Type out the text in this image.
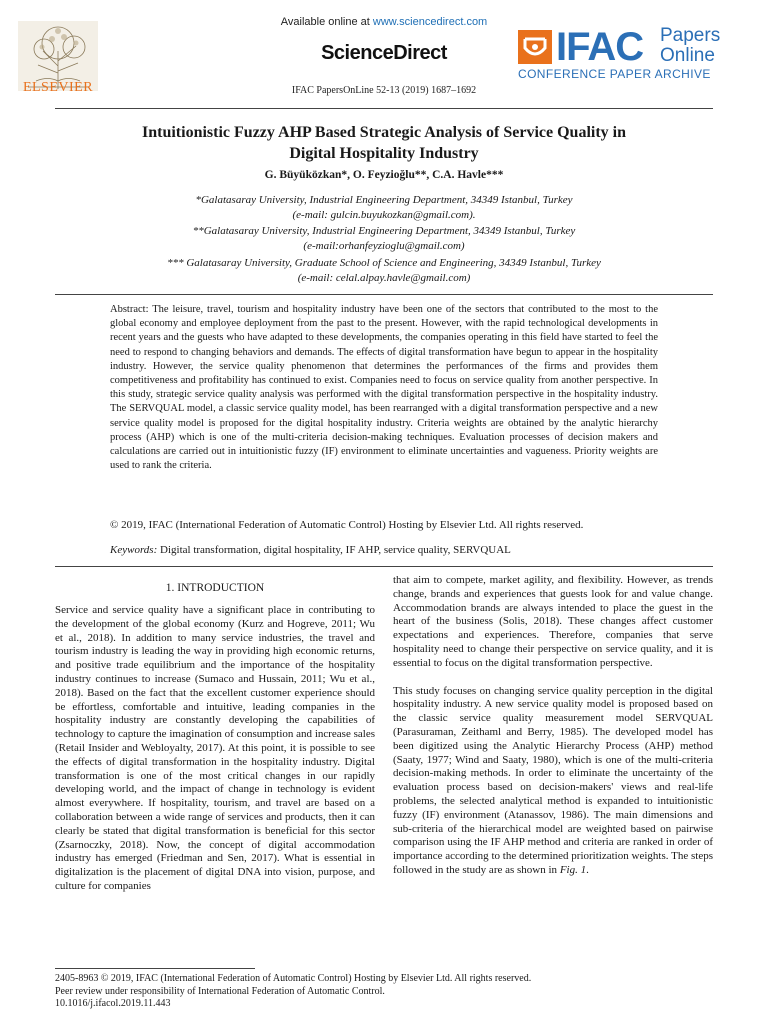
ELSEVIER
Available online at www.sciencedirect.com
ScienceDirect
IFAC PapersOnLine 52-13 (2019) 1687–1692
IFAC Papers
Online
CONFERENCE PAPER ARCHIVE
Intuitionistic Fuzzy AHP Based Strategic Analysis of Service Quality in
Digital Hospitality Industry
G. Büyüközkan*, O. Feyzioğlu**, C.A. Havle***
*Galatasaray University, Industrial Engineering Department, 34349 Istanbul, Turkey
(e-mail: gulcin.buyukozkan@gmail.com).
**Galatasaray University, Industrial Engineering Department, 34349 Istanbul, Turkey
(e-mail:orhanfeyzioglu@gmail.com)
*** Galatasaray University, Graduate School of Science and Engineering, 34349 Istanbul, Turkey
(e-mail: celal.alpay.havle@gmail.com)
Abstract: The leisure, travel, tourism and hospitality industry have been one of the sectors that contributed to the most to the global economy and employee deployment from the past to the present. However, with the rapid technological developments in recent years and the guests who have adapted to these developments, the companies operating in this field have started to feel the need to respond to changing behaviors and demands. The effects of digital transformation have begun to appear in the hospitality industry. However, the service quality phenomenon that determines the performances of the firms and provides them competitiveness and profitability has continued to exist. Companies need to focus on service quality from another perspective. In this study, strategic service quality analysis was performed with the digital transformation perspective in the hospitality industry. The SERVQUAL model, a classic service quality model, has been rearranged with a digital transformation perspective and a new service quality model is proposed for the digital hospitality industry. Criteria weights are obtained by the analytic hierarchy process (AHP) which is one of the multi-criteria decision-making techniques. Evaluation processes of decision makers and calculations are carried out in intuitionistic fuzzy (IF) environment to eliminate uncertainties and vagueness. Priority weights are used to rank the criteria.
© 2019, IFAC (International Federation of Automatic Control) Hosting by Elsevier Ltd. All rights reserved.
Keywords: Digital transformation, digital hospitality, IF AHP, service quality, SERVQUAL
1. INTRODUCTION

Service and service quality have a significant place in contributing to the development of the global economy (Kurz and Hogreve, 2011; Wu et al., 2018). In addition to many service industries, the travel and tourism industry is leading the way in providing high economic returns, and positive trade equilibrium and the importance of the hospitality industry continues to increase (Sumaco and Hussain, 2011; Wu et al., 2018). Based on the fact that the excellent customer experience should be effortless, comfortable and intuitive, leading companies in the hospitality industry are constantly developing the capabilities of technology to capture the imagination of consumption and increase sales (Retail Insider and Webloyalty, 2017). At this point, it is possible to see the effects of digital transformation in the hospitality industry. Digital transformation is one of the most critical changes in our rapidly developing world, and the impact of change in technology is evident almost everywhere. If hospitality, tourism, and travel are based on a collaboration between a wide range of services and products, then it can clearly be stated that digital transformation is beneficial for this sector (Zsarnoczky, 2018). Now, the concept of digital accommodation industry has emerged (Friedman and Sen, 2017). What is essential in digitalization is the placement of digital DNA into vision, purpose, and culture for companies

that aim to compete, market agility, and flexibility. However, as trends change, brands and experiences that guests look for and value change. Accommodation brands are always intended to place the guest in the heart of the business (Solis, 2018). These changes affect customer expectations and experiences. Therefore, companies that serve hospitality need to change their perspective on service quality, and it is essential to focus on the digital transformation perspective.

This study focuses on changing service quality perception in the digital hospitality industry. A new service quality model is proposed based on the classic service quality measurement model SERVQUAL (Parasuraman, Zeithaml and Berry, 1985). The developed model has been digitized using the Analytic Hierarchy Process (AHP) method (Saaty, 1977; Wind and Saaty, 1980), which is one of the multi-criteria decision-making methods. In order to eliminate the uncertainty of the evaluation process based on decision-makers' views and real-life problems, the selected analytical method is expanded to intuitionistic fuzzy (IF) environment (Atanassov, 1986). The main dimensions and sub-criteria of the hierarchical model are weighted based on pairwise comparison using the IF AHP method and criteria are ranked in order of importance according to the determined prioritization weights. The steps followed in the study are as shown in Fig. 1.

2405-8963 © 2019, IFAC (International Federation of Automatic Control) Hosting by Elsevier Ltd. All rights reserved.
Peer review under responsibility of International Federation of Automatic Control.
10.1016/j.ifacol.2019.11.443
